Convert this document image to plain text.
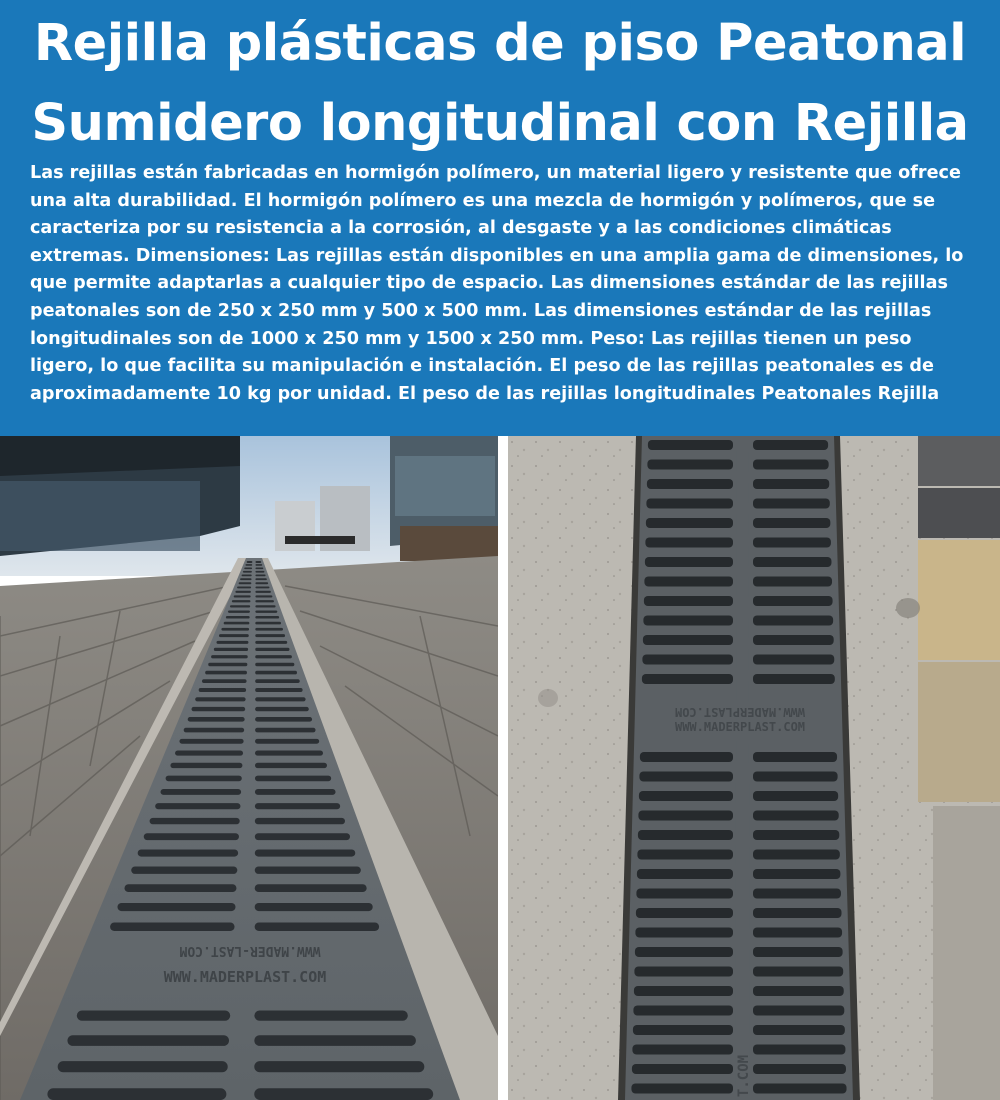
Rejilla plásticas de piso Peatonal
Sumidero longitudinal con Rejilla

Las rejillas están fabricadas en hormigón polímero, un material ligero y resistente que ofrece una alta durabilidad. El hormigón polímero es una mezcla de hormigón y polímeros, que se caracteriza por su resistencia a la corrosión, al desgaste y a las condiciones climáticas extremas. Dimensiones: Las rejillas están disponibles en una amplia gama de dimensiones, lo que permite adaptarlas a cualquier tipo de espacio. Las dimensiones estándar de las rejillas peatonales son de 250 x 250 mm y 500 x 500 mm. Las dimensiones estándar de las rejillas longitudinales son de 1000 x 250 mm y 1500 x 250 mm. Peso: Las rejillas tienen un peso ligero, lo que facilita su manipulación e instalación. El peso de las rejillas peatonales es de aproximadamente 10 kg por unidad. El peso de las rejillas longitudinales Peatonales Rejilla

WWW.MADER-LAST.COM
WWW.MADERPLAST.COM
WWW.MADERPLAST.COM
WWW.MADERPLAST.COM
T.COM
